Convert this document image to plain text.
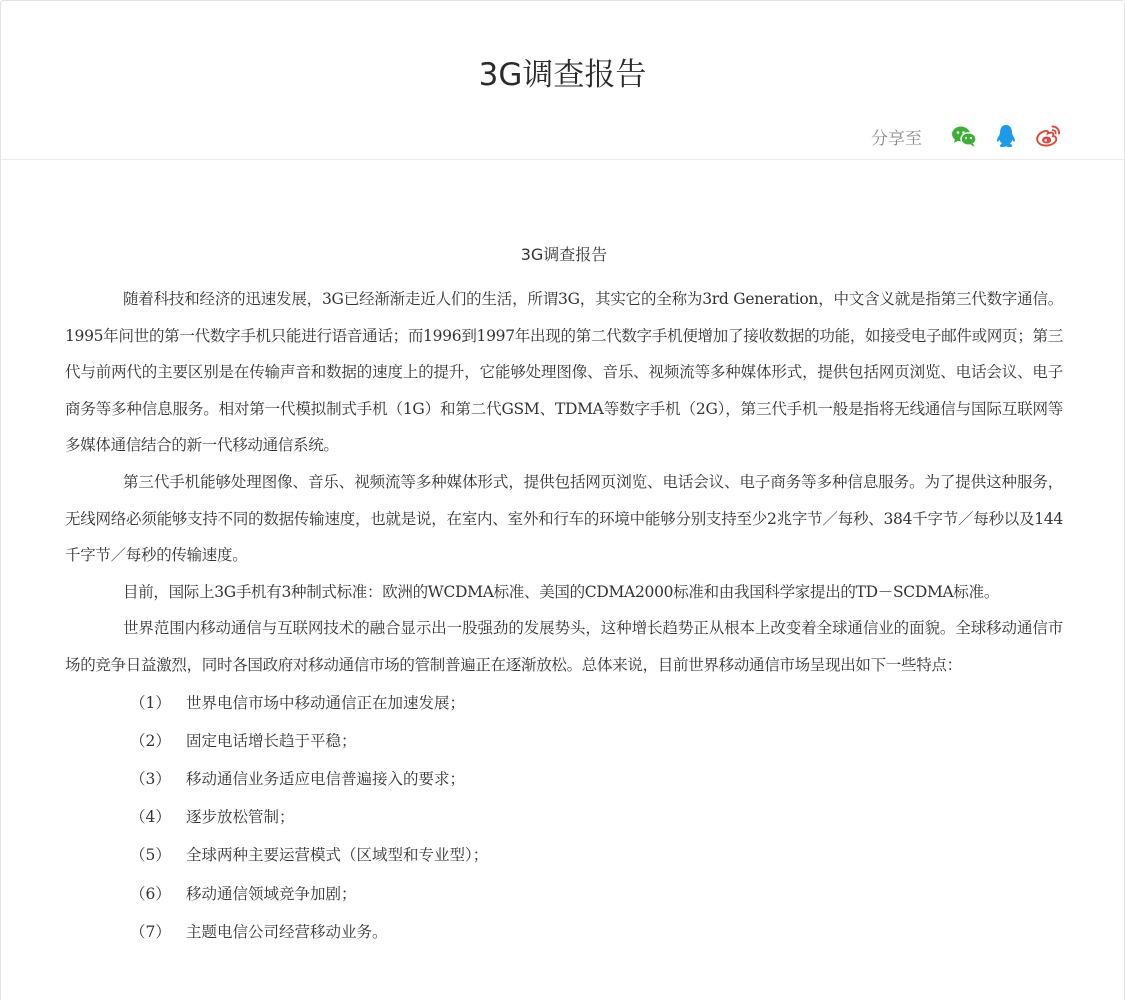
3G调查报告
分享至
3G调查报告

随着科技和经济的迅速发展，3G已经渐渐走近人们的生活，所谓3G，其实它的全称为3rd Generation，中文含义就是指第三代数字通信。1995年问世的第一代数字手机只能进行语音通话；而1996到1997年出现的第二代数字手机便增加了接收数据的功能，如接受电子邮件或网页；第三代与前两代的主要区别是在传输声音和数据的速度上的提升，它能够处理图像、音乐、视频流等多种媒体形式，提供包括网页浏览、电话会议、电子商务等多种信息服务。相对第一代模拟制式手机（1G）和第二代GSM、TDMA等数字手机（2G），第三代手机一般是指将无线通信与国际互联网等多媒体通信结合的新一代移动通信系统。

第三代手机能够处理图像、音乐、视频流等多种媒体形式，提供包括网页浏览、电话会议、电子商务等多种信息服务。为了提供这种服务，无线网络必须能够支持不同的数据传输速度，也就是说，在室内、室外和行车的环境中能够分别支持至少2兆字节／每秒、384千字节／每秒以及144千字节／每秒的传输速度。

目前，国际上3G手机有3种制式标准：欧洲的WCDMA标准、美国的CDMA2000标准和由我国科学家提出的TD－SCDMA标准。

世界范围内移动通信与互联网技术的融合显示出一股强劲的发展势头，这种增长趋势正从根本上改变着全球通信业的面貌。全球移动通信市场的竞争日益激烈，同时各国政府对移动通信市场的管制普遍正在逐渐放松。总体来说，目前世界移动通信市场呈现出如下一些特点：

（1） 世界电信市场中移动通信正在加速发展；
（2） 固定电话增长趋于平稳；
（3） 移动通信业务适应电信普遍接入的要求；
（4） 逐步放松管制；
（5） 全球两种主要运营模式（区域型和专业型）；
（6） 移动通信领域竞争加剧；
（7） 主题电信公司经营移动业务。
